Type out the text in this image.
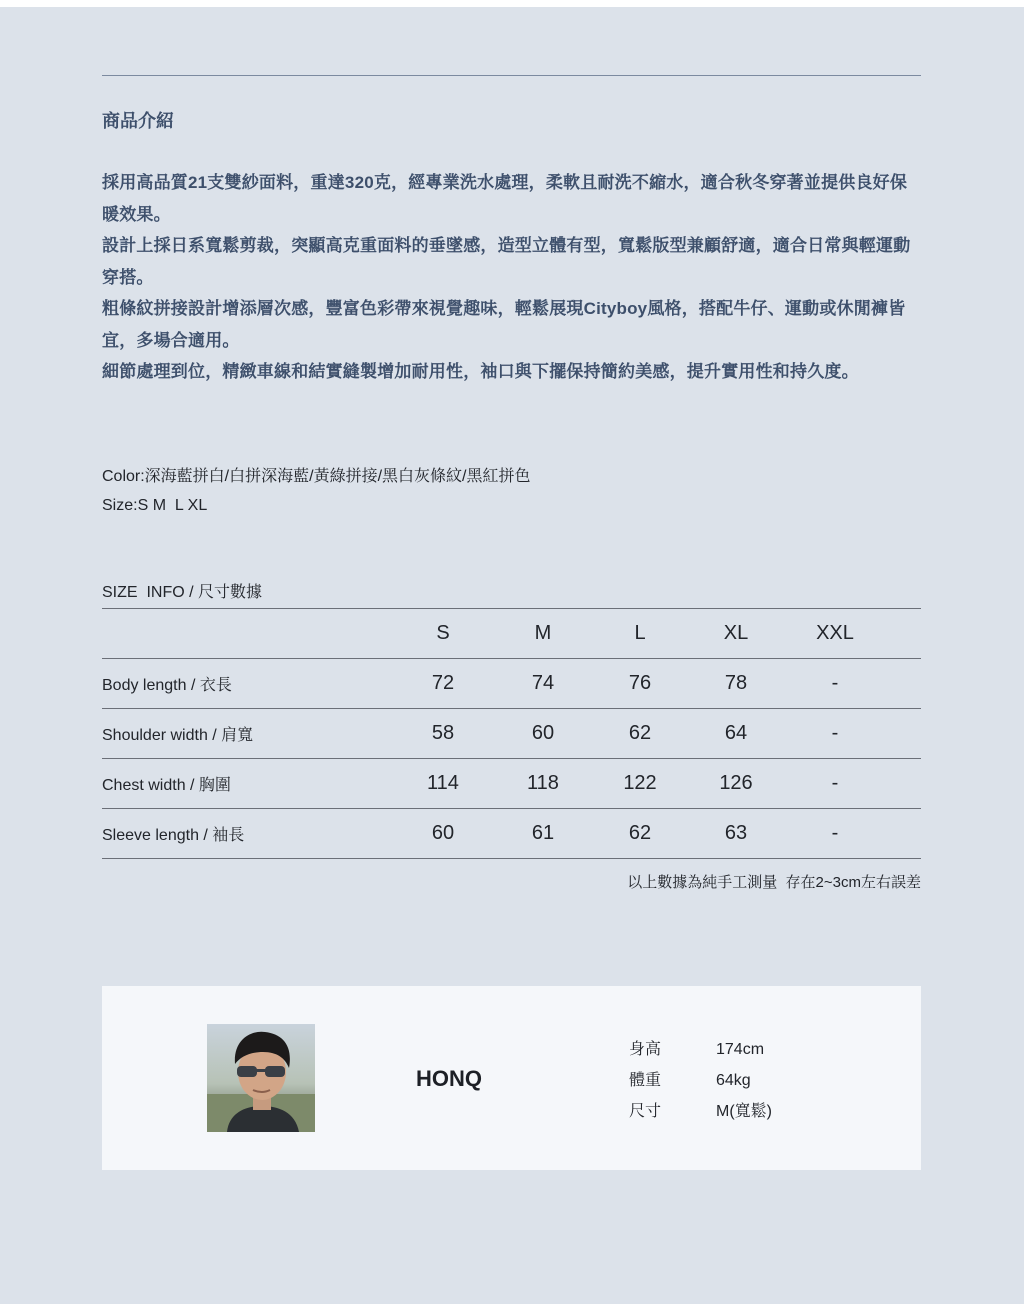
商品介紹

採用高品質21支雙紗面料，重達320克，經專業洗水處理，柔軟且耐洗不縮水，適合秋冬穿著並提供良好保暖效果。

設計上採日系寬鬆剪裁，突顯高克重面料的垂墜感，造型立體有型，寬鬆版型兼顧舒適，適合日常與輕運動穿搭。

粗條紋拼接設計增添層次感，豐富色彩帶來視覺趣味，輕鬆展現Cityboy風格，搭配牛仔、運動或休閒褲皆宜，多場合適用。

細節處理到位，精緻車線和結實縫製增加耐用性，袖口與下擺保持簡約美感，提升實用性和持久度。

Color:深海藍拼白/白拼深海藍/黃綠拼接/黑白灰條紋/黑紅拼色
Size:S M  L XL
SIZE  INFO / 尺寸數據
	S	M	L	XL	XXL	
Body length / 衣長	72	74	76	78	-	
Shoulder width / 肩寬	58	60	62	64	-	
Chest width / 胸圍	114	118	122	126	-	
Sleeve length / 袖長	60	61	62	63	-	
以上數據為純手工測量  存在2~3cm左右誤差
HONQ
身高	174cm
體重	64kg
尺寸	M(寬鬆)
